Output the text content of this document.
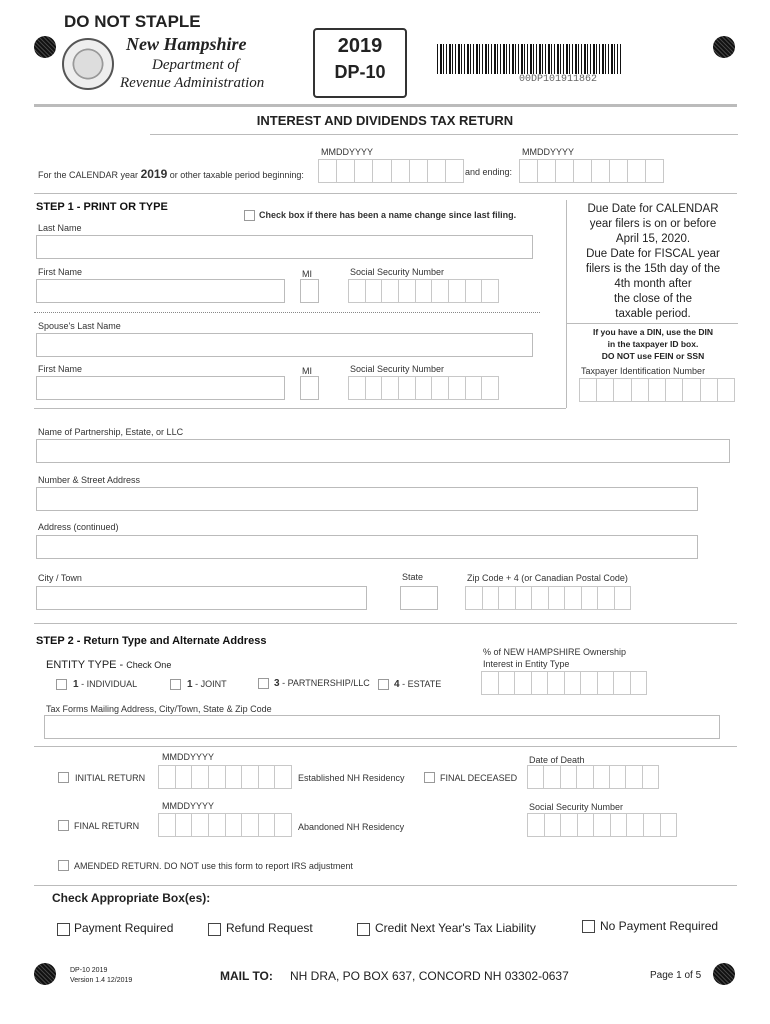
DO NOT STAPLE
New Hampshire
Department of
Revenue Administration
2019
DP-10	00DP101911862
INTEREST AND DIVIDENDS TAX RETURN
MMDDYYYY	MMDDYYYY
For the CALENDAR year 2019 or other taxable period beginning:	and ending:
STEP 1 - PRINT OR TYPE
Check box if there has been a name change since last filing.
Last Name
First Name	MI	Social Security Number
Spouse's Last Name
First Name	MI	Social Security Number
Due Date for CALENDAR
year filers is on or before
April 15, 2020.
Due Date for FISCAL year
filers is the 15th day of the
4th month after
the close of the
taxable period.
If you have a DIN, use the DIN
in the taxpayer ID box.
DO NOT use FEIN or SSN
Taxpayer Identification Number
Name of Partnership, Estate, or LLC
Number & Street Address
Address (continued)
City / Town	State	Zip Code + 4 (or Canadian Postal Code)
STEP 2 - Return Type and Alternate Address
% of NEW HAMPSHIRE Ownership
Interest in Entity Type
ENTITY TYPE - Check One
1 - INDIVIDUAL	1 - JOINT	3 - PARTNERSHIP/LLC 4 - ESTATE
Tax Forms Mailing Address, City/Town, State & Zip Code
MMDDYYYY
INITIAL RETURN	Established NH Residency	FINAL DECEASED
Date of Death
MMDDYYYY
FINAL RETURN	Abandoned NH Residency
Social Security Number
AMENDED RETURN. DO NOT use this form to report IRS adjustment
Check Appropriate Box(es):
Payment Required	Refund Request	Credit Next Year's Tax Liability	No Payment Required
DP-10 2019
Version 1.4 12/2019	MAIL TO: NH DRA, PO BOX 637, CONCORD NH 03302-0637	Page 1 of 5
